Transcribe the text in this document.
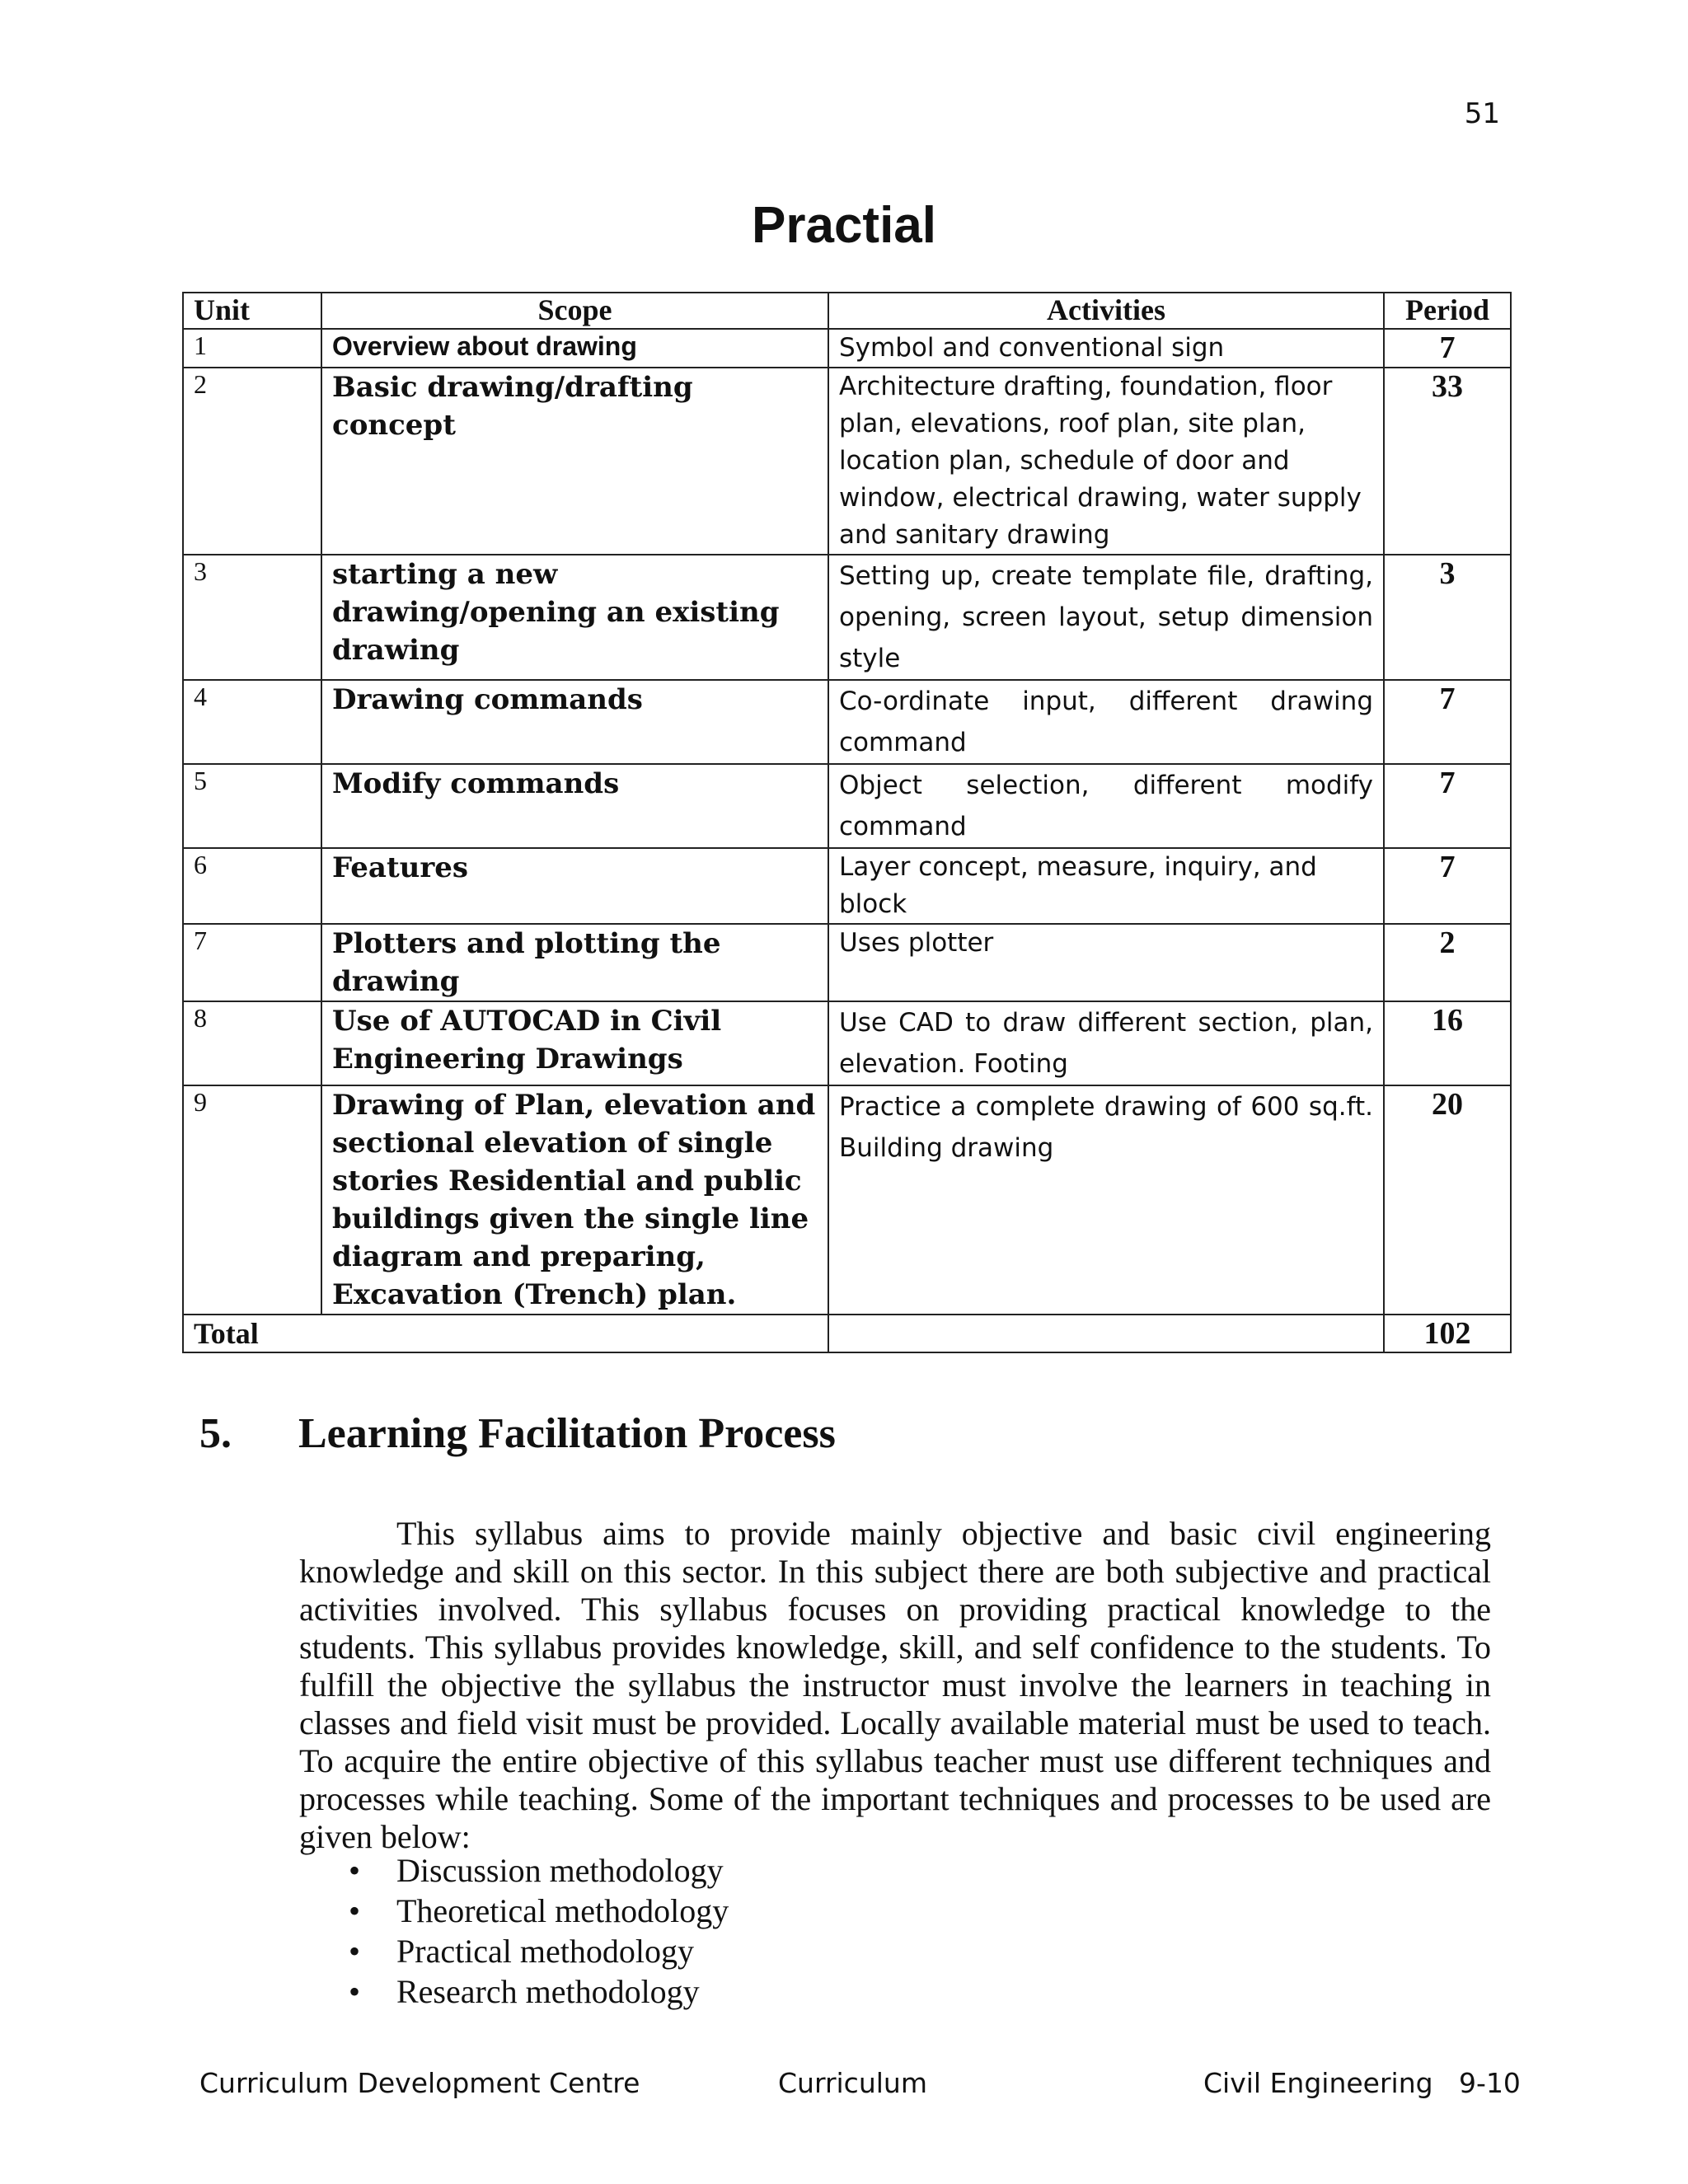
51
Practial
Unit	Scope	Activities	Period
1	Overview about drawing	Symbol and conventional sign	7
2	Basic drawing/drafting concept	Architecture drafting, foundation, floor plan, elevations, roof plan, site plan, location plan, schedule of door and window, electrical drawing, water supply and sanitary drawing	33
3	starting a new drawing/opening an existing drawing	Setting up, create template file, drafting, opening, screen layout, setup dimension style	3
4	Drawing commands	Co-ordinate input, different drawing command	7
5	Modify commands	Object selection, different modify command	7
6	Features	Layer concept, measure, inquiry, and block	7
7	Plotters and plotting the drawing	Uses plotter	2
8	Use of AUTOCAD in Civil Engineering Drawings	Use CAD to draw different section, plan, elevation. Footing	16
9	Drawing of Plan, elevation and sectional elevation of single stories Residential and public buildings given the single line diagram and preparing, Excavation (Trench) plan.	Practice a complete drawing of 600 sq.ft. Building drawing	20
Total			102
5. Learning Facilitation Process

This syllabus aims to provide mainly objective and basic civil engineering knowledge and skill on this sector. In this subject there are both subjective and practical activities involved. This syllabus focuses on providing practical knowledge to the students. This syllabus provides knowledge, skill, and self confidence to the students. To fulfill the objective the syllabus the instructor must involve the learners in teaching in classes and field visit must be provided. Locally available material must be used to teach. To acquire the entire objective of this syllabus teacher must use different techniques and processes while teaching. Some of the important techniques and processes to be used are given below:

• Discussion methodology
• Theoretical methodology
• Practical methodology
• Research methodology
Curriculum Development Centre	Curriculum	Civil Engineering   9-10
